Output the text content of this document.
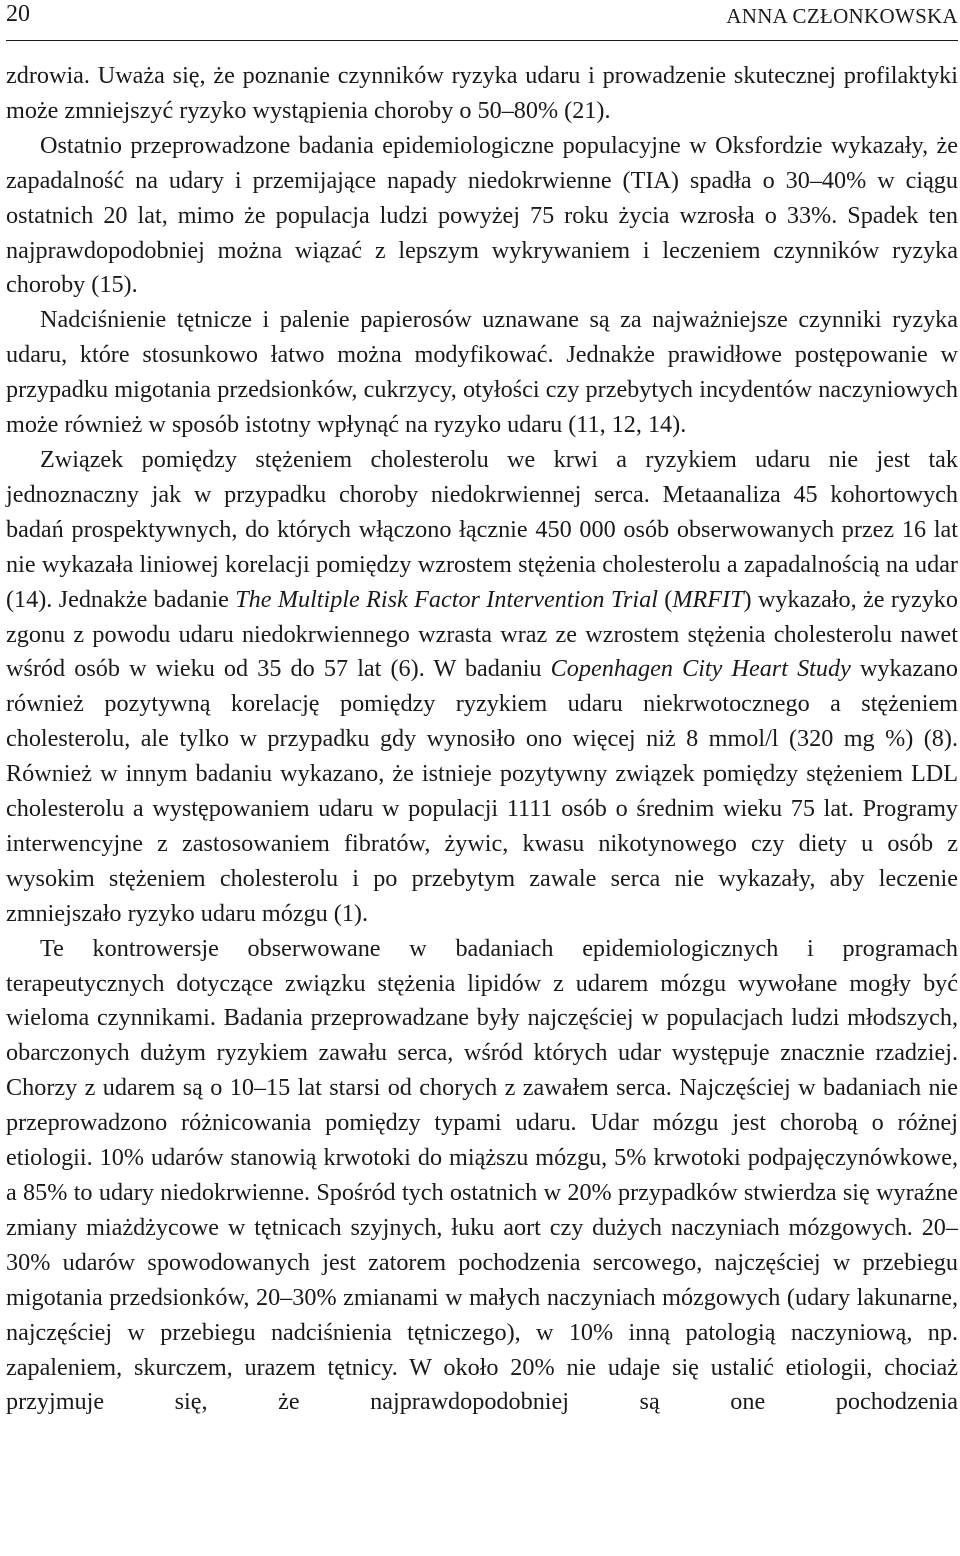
20	ANNA CZŁONKOWSKA

zdrowia. Uważa się, że poznanie czynników ryzyka udaru i prowadzenie skutecznej profilaktyki może zmniejszyć ryzyko wystąpienia choroby o 50–80% (21).

Ostatnio przeprowadzone badania epidemiologiczne populacyjne w Oksfordzie wykazały, że zapadalność na udary i przemijające napady niedokrwienne (TIA) spadła o 30–40% w ciągu ostatnich 20 lat, mimo że populacja ludzi powyżej 75 roku życia wzrosła o 33%. Spadek ten najprawdopodobniej można wiązać z lepszym wykrywaniem i leczeniem czynników ryzyka choroby (15).

Nadciśnienie tętnicze i palenie papierosów uznawane są za najważniejsze czynniki ryzyka udaru, które stosunkowo łatwo można modyfikować. Jednakże prawidłowe postępowanie w przypadku migotania przedsionków, cukrzycy, otyłości czy przebytych incydentów naczyniowych może również w sposób istotny wpłynąć na ryzyko udaru (11, 12, 14).

Związek pomiędzy stężeniem cholesterolu we krwi a ryzykiem udaru nie jest tak jednoznaczny jak w przypadku choroby niedokrwiennej serca. Metaanaliza 45 kohortowych badań prospektywnych, do których włączono łącznie 450 000 osób obserwowanych przez 16 lat nie wykazała liniowej korelacji pomiędzy wzrostem stężenia cholesterolu a zapadalnością na udar (14). Jednakże badanie The Multiple Risk Factor Intervention Trial (MRFIT) wykazało, że ryzyko zgonu z powodu udaru niedokrwiennego wzrasta wraz ze wzrostem stężenia cholesterolu nawet wśród osób w wieku od 35 do 57 lat (6). W badaniu Copenhagen City Heart Study wykazano również pozytywną korelację pomiędzy ryzykiem udaru niekrwotocznego a stężeniem cholesterolu, ale tylko w przypadku gdy wynosiło ono więcej niż 8 mmol/l (320 mg %) (8). Również w innym badaniu wykazano, że istnieje pozytywny związek pomiędzy stężeniem LDL cholesterolu a występowaniem udaru w populacji 1111 osób o średnim wieku 75 lat. Programy interwencyjne z zastosowaniem fibratów, żywic, kwasu nikotynowego czy diety u osób z wysokim stężeniem cholesterolu i po przebytym zawale serca nie wykazały, aby leczenie zmniejszało ryzyko udaru mózgu (1).

Te kontrowersje obserwowane w badaniach epidemiologicznych i programach terapeutycznych dotyczące związku stężenia lipidów z udarem mózgu wywołane mogły być wieloma czynnikami. Badania przeprowadzane były najczęściej w populacjach ludzi młodszych, obarczonych dużym ryzykiem zawału serca, wśród których udar występuje znacznie rzadziej. Chorzy z udarem są o 10–15 lat starsi od chorych z zawałem serca. Najczęściej w badaniach nie przeprowadzono różnicowania pomiędzy typami udaru. Udar mózgu jest chorobą o różnej etiologii. 10% udarów stanowią krwotoki do miąższu mózgu, 5% krwotoki podpajęczynówkowe, a 85% to udary niedokrwienne. Spośród tych ostatnich w 20% przypadków stwierdza się wyraźne zmiany miażdżycowe w tętnicach szyjnych, łuku aort czy dużych naczyniach mózgowych. 20–30% udarów spowodowanych jest zatorem pochodzenia sercowego, najczęściej w przebiegu migotania przedsionków, 20–30% zmianami w małych naczyniach mózgowych (udary lakunarne, najczęściej w przebiegu nadciśnienia tętniczego), w 10% inną patologią naczyniową, np. zapaleniem, skurczem, urazem tętnicy. W około 20% nie udaje się ustalić etiologii, chociaż przyjmuje się, że najprawdopodobniej są one pochodzenia
